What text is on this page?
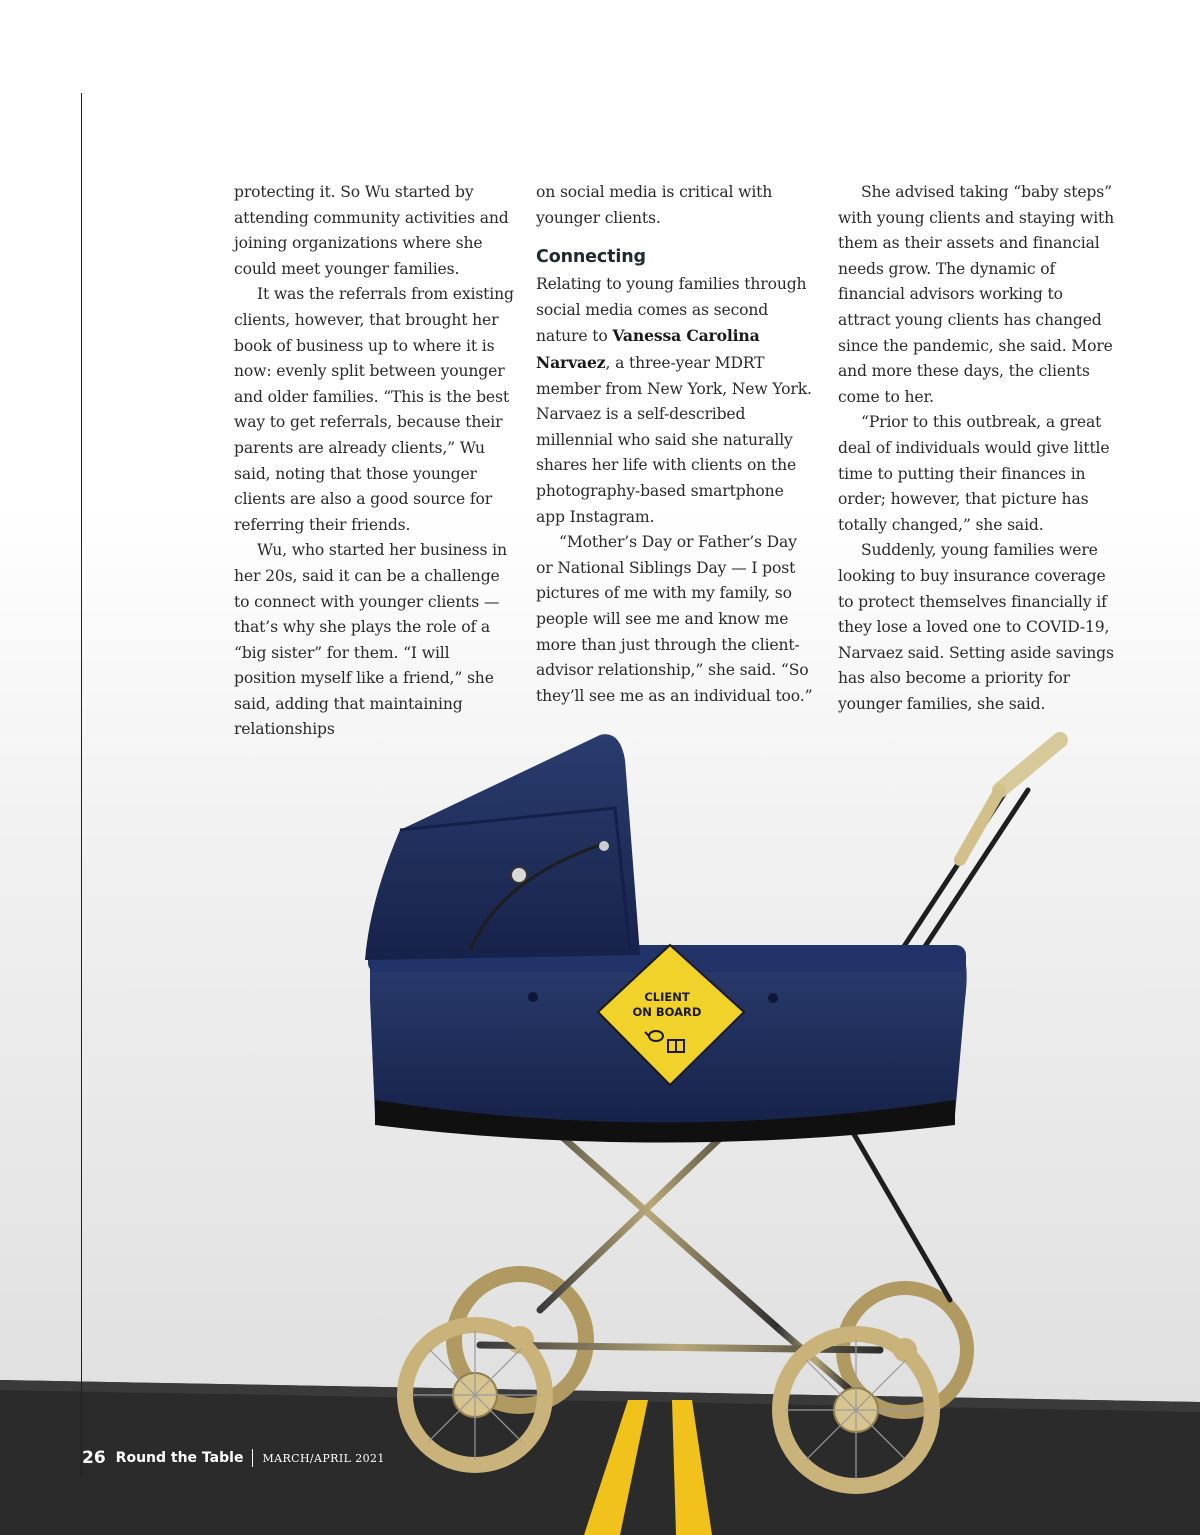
CLIENT
ON BOARD

protecting it. So Wu started by attending community activities and joining organizations where she could meet younger families.

It was the referrals from existing clients, however, that brought her book of business up to where it is now: evenly split between younger and older families. “This is the best way to get referrals, because their parents are already clients,” Wu said, noting that those younger clients are also a good source for referring their friends.

Wu, who started her business in her 20s, said it can be a challenge to connect with younger clients — that’s why she plays the role of a “big sister” for them. “I will position myself like a friend,” she said, adding that maintaining relationships

on social media is critical with younger clients.

Connecting

Relating to young families through social media comes as second nature to Vanessa Carolina Narvaez, a three-year MDRT member from New York, New York. Narvaez is a self-described millennial who said she naturally shares her life with clients on the photography-based smartphone app Instagram.

“Mother’s Day or Father’s Day or National Siblings Day — I post pictures of me with my family, so people will see me and know me more than just through the client-advisor relationship,” she said. “So they’ll see me as an individual too.”

She advised taking “baby steps” with young clients and staying with them as their assets and financial needs grow. The dynamic of financial advisors working to attract young clients has changed since the pandemic, she said. More and more these days, the clients come to her.

“Prior to this outbreak, a great deal of individuals would give little time to putting their finances in order; however, that picture has totally changed,” she said.

Suddenly, young families were looking to buy insurance coverage to protect themselves financially if they lose a loved one to COVID-19, Narvaez said. Setting aside savings has also become a priority for younger families, she said.

26 Round the Table MARCH/APRIL 2021
